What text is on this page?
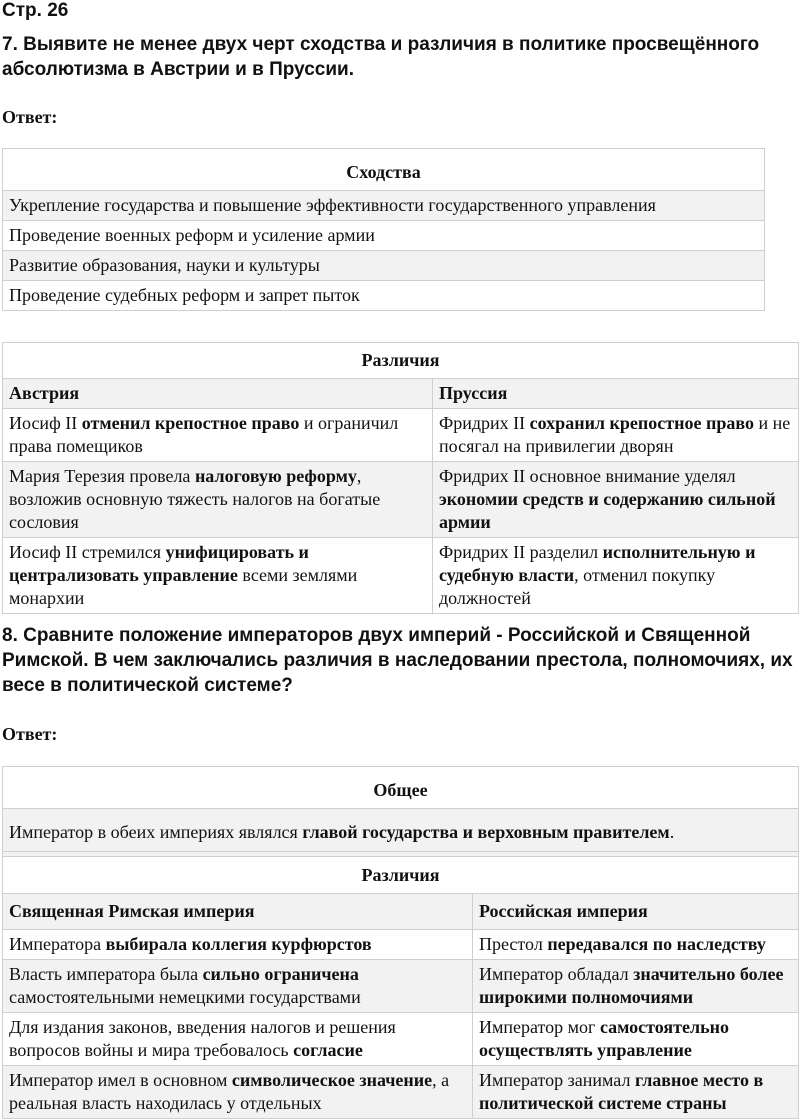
Стр. 26
7. Выявите не менее двух черт сходства и различия в политике просвещённого абсолютизма в Австрии и в Пруссии.
Ответ:
Сходства
Укрепление государства и повышение эффективности государственного управления
Проведение военных реформ и усиление армии
Развитие образования, науки и культуры
Проведение судебных реформ и запрет пыток
Различия	
Австрия	Пруссия
Иосиф II отменил крепостное право и ограничил права помещиков	Фридрих II сохранил крепостное право и не посягал на привилегии дворян
Мария Терезия провела налоговую реформу, возложив основную тяжесть налогов на богатые сословия	Фридрих II основное внимание уделял экономии средств и содержанию сильной армии
Иосиф II стремился унифицировать и централизовать управление всеми землями монархии	Фридрих II разделил исполнительную и судебную власти, отменил покупку должностей
8. Сравните положение императоров двух империй - Российской и Священной Римской. В чем заключались различия в наследовании престола, полномочиях, их весе в политической системе?
Ответ:
Общее
Император в обеих империях являлся главой государства и верховным правителем.
Различия	
Священная Римская империя	Российская империя
Императора выбирала коллегия курфюрстов	Престол передавался по наследству
Власть императора была сильно ограничена самостоятельными немецкими государствами	Император обладал значительно более широкими полномочиями
Для издания законов, введения налогов и решения вопросов войны и мира требовалось согласие	Император мог самостоятельно осуществлять управление
Император имел в основном символическое значение, а реальная власть находилась у отдельных	Император занимал главное место в политической системе страны
